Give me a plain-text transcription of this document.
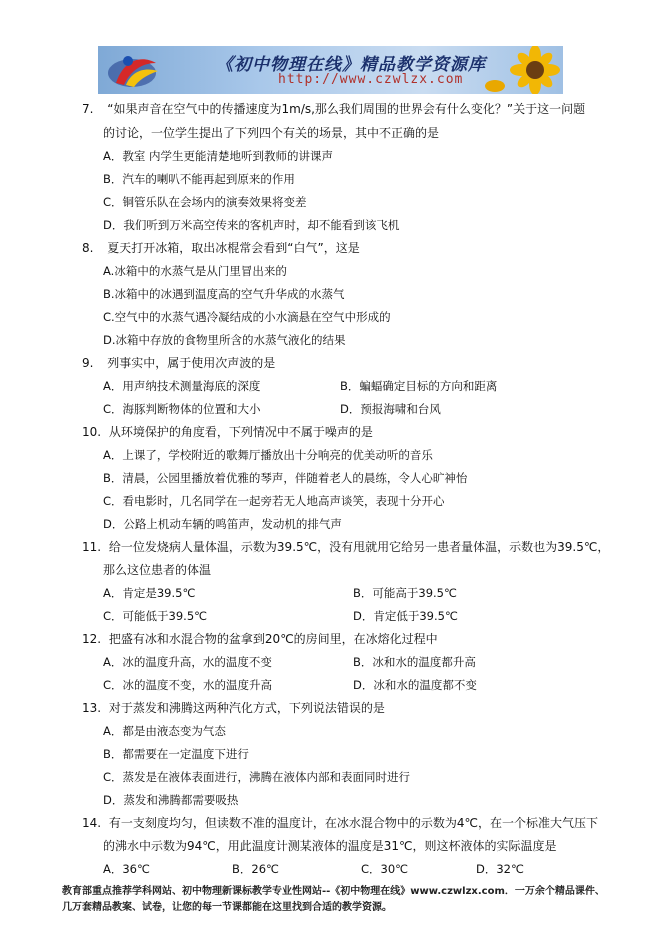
《初中物理在线》精品教学资源库
http://www.czwlzx.com
7. “如果声音在空气中的传播速度为1m/s,那么我们周围的世界会有什么变化？”关于这一问题
的讨论，一位学生提出了下列四个有关的场景，其中不正确的是
A．教室 内学生更能清楚地听到教师的讲课声
B．汽车的喇叭不能再起到原来的作用
C．铜管乐队在会场内的演奏效果将变差
D．我们听到万米高空传来的客机声时，却不能看到该飞机
8. 夏天打开冰箱，取出冰棍常会看到“白气”，这是
A.冰箱中的水蒸气是从门里冒出来的
B.冰箱中的冰遇到温度高的空气升华成的水蒸气
C.空气中的水蒸气遇冷凝结成的小水滴悬在空气中形成的
D.冰箱中存放的食物里所含的水蒸气液化的结果
9. 列事实中，属于使用次声波的是
A．用声纳技术测量海底的深度	B．蝙蝠确定目标的方向和距离
C．海豚判断物体的位置和大小	D．预报海啸和台风
10. 从环境保护的角度看，下列情况中不属于噪声的是
A．上课了，学校附近的歌舞厅播放出十分响亮的优美动听的音乐
B．清晨，公园里播放着优雅的琴声，伴随着老人的晨练，令人心旷神怡
C．看电影时，几名同学在一起旁若无人地高声谈笑，表现十分开心
D．公路上机动车辆的鸣笛声，发动机的排气声
11. 给一位发烧病人量体温，示数为39.5℃，没有甩就用它给另一患者量体温，示数也为39.5℃，
那么这位患者的体温
A．肯定是39.5℃	B．可能高于39.5℃
C．可能低于39.5℃	D．肯定低于39.5℃
12. 把盛有冰和水混合物的盆拿到20℃的房间里，在冰熔化过程中
A．冰的温度升高，水的温度不变	B．冰和水的温度都升高
C．冰的温度不变，水的温度升高	D．冰和水的温度都不变
13. 对于蒸发和沸腾这两种汽化方式，下列说法错误的是
A．都是由液态变为气态
B．都需要在一定温度下进行
C．蒸发是在液体表面进行，沸腾在液体内部和表面同时进行
D．蒸发和沸腾都需要吸热
14. 有一支刻度均匀，但读数不准的温度计，在冰水混合物中的示数为4℃，在一个标准大气压下
的沸水中示数为94℃，用此温度计测某液体的温度是31℃，则这杯液体的实际温度是
A．36℃	B．26℃	C．30℃	D．32℃
教育部重点推荐学科网站、初中物理新课标教学专业性网站--《初中物理在线》www.czwlzx.com．一万余个精品课件、几万套精品教案、试卷，让您的每一节课都能在这里找到合适的教学资源。
